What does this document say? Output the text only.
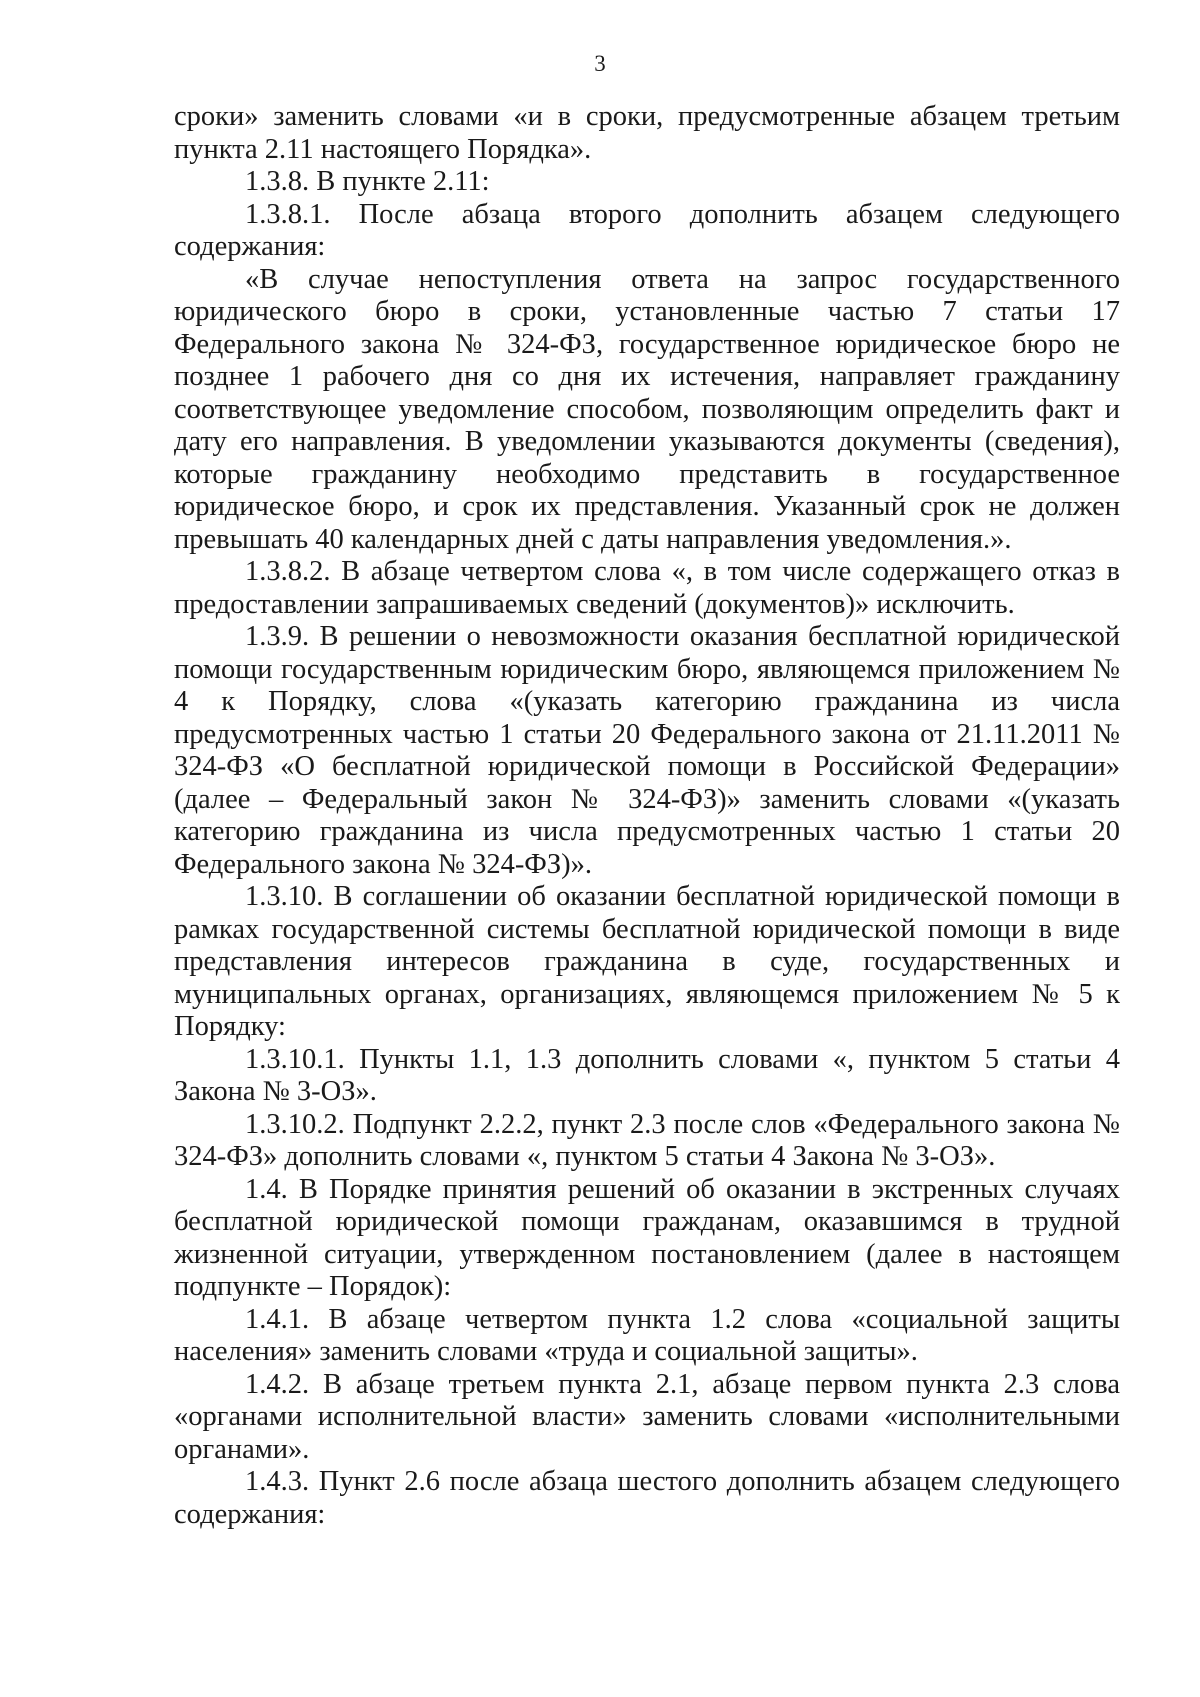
3

сроки» заменить словами «и в сроки, предусмотренные абзацем третьим пункта 2.11 настоящего Порядка».

1.3.8. В пункте 2.11:

1.3.8.1. После абзаца второго дополнить абзацем следующего содержания:

«В случае непоступления ответа на запрос государственного юридического бюро в сроки, установленные частью 7 статьи 17 Федерального закона № 324-ФЗ, государственное юридическое бюро не позднее 1 рабочего дня со дня их истечения, направляет гражданину соответствующее уведомление способом, позволяющим определить факт и дату его направления. В уведомлении указываются документы (сведения), которые гражданину необходимо представить в государственное юридическое бюро, и срок их представления. Указанный срок не должен превышать 40 календарных дней с даты направления уведомления.».

1.3.8.2. В абзаце четвертом слова «, в том числе содержащего отказ в предоставлении запрашиваемых сведений (документов)» исключить.

1.3.9. В решении о невозможности оказания бесплатной юридической помощи государственным юридическим бюро, являющемся приложением № 4 к Порядку, слова «(указать категорию гражданина из числа предусмотренных частью 1 статьи 20 Федерального закона от 21.11.2011 № 324-ФЗ «О бесплатной юридической помощи в Российской Федерации» (далее – Федеральный закон № 324-ФЗ)» заменить словами «(указать категорию гражданина из числа предусмотренных частью 1 статьи 20 Федерального закона № 324-ФЗ)».

1.3.10. В соглашении об оказании бесплатной юридической помощи в рамках государственной системы бесплатной юридической помощи в виде представления интересов гражданина в суде, государственных и муниципальных органах, организациях, являющемся приложением № 5 к Порядку:

1.3.10.1. Пункты 1.1, 1.3 дополнить словами «, пунктом 5 статьи 4 Закона № 3-ОЗ».

1.3.10.2. Подпункт 2.2.2, пункт 2.3 после слов «Федерального закона № 324-ФЗ» дополнить словами «, пунктом 5 статьи 4 Закона № 3-ОЗ».

1.4. В Порядке принятия решений об оказании в экстренных случаях бесплатной юридической помощи гражданам, оказавшимся в трудной жизненной ситуации, утвержденном постановлением (далее в настоящем подпункте – Порядок):

1.4.1. В абзаце четвертом пункта 1.2 слова «социальной защиты населения» заменить словами «труда и социальной защиты».

1.4.2. В абзаце третьем пункта 2.1, абзаце первом пункта 2.3 слова «органами исполнительной власти» заменить словами «исполнительными органами».

1.4.3. Пункт 2.6 после абзаца шестого дополнить абзацем следующего содержания:
